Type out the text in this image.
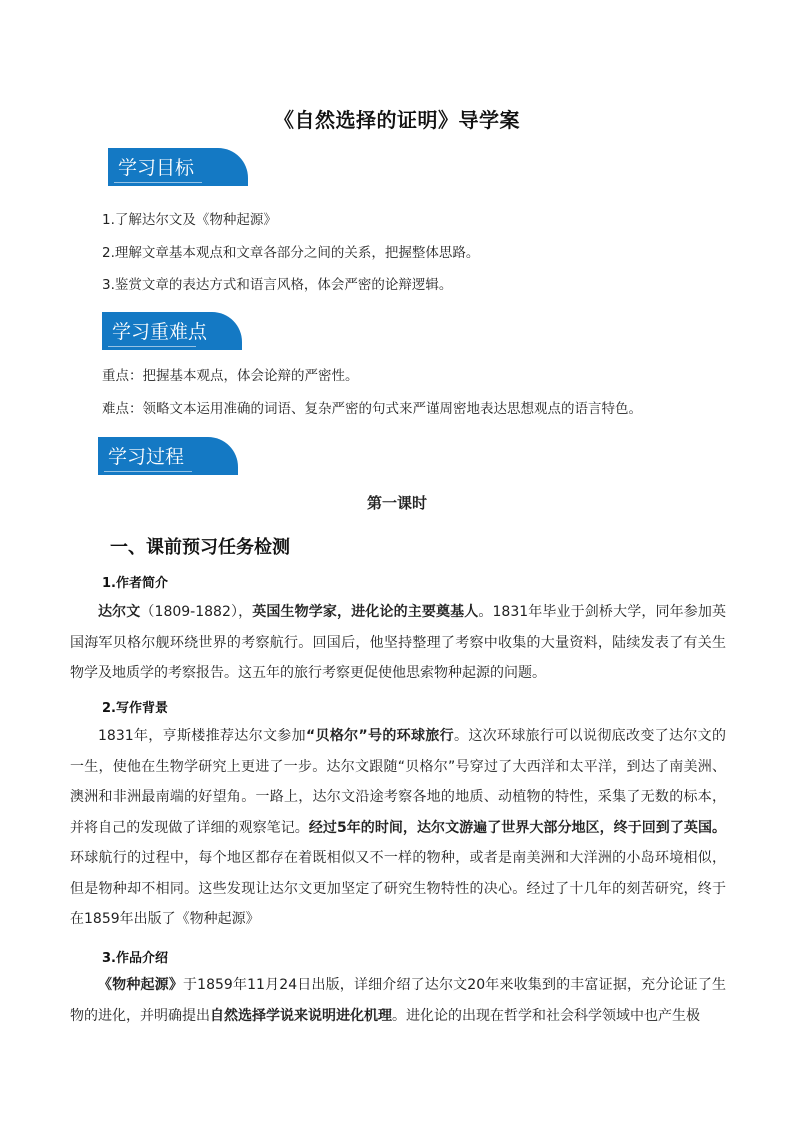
《自然选择的证明》导学案
学习目标
1.了解达尔文及《物种起源》
2.理解文章基本观点和文章各部分之间的关系，把握整体思路。
3.鉴赏文章的表达方式和语言风格，体会严密的论辩逻辑。
学习重难点
重点：把握基本观点，体会论辩的严密性。
难点：领略文本运用准确的词语、复杂严密的句式来严谨周密地表达思想观点的语言特色。
学习过程
第一课时
一、课前预习任务检测
1.作者简介
达尔文（1809-1882），英国生物学家，进化论的主要奠基人。1831年毕业于剑桥大学，同年参加英国海军贝格尔舰环绕世界的考察航行。回国后，他坚持整理了考察中收集的大量资料，陆续发表了有关生物学及地质学的考察报告。这五年的旅行考察更促使他思索物种起源的问题。
2.写作背景
1831年，亨斯楼推荐达尔文参加“贝格尔”号的环球旅行。这次环球旅行可以说彻底改变了达尔文的一生，使他在生物学研究上更进了一步。达尔文跟随“贝格尔”号穿过了大西洋和太平洋，到达了南美洲、澳洲和非洲最南端的好望角。一路上，达尔文沿途考察各地的地质、动植物的特性，采集了无数的标本，并将自己的发现做了详细的观察笔记。经过5年的时间，达尔文游遍了世界大部分地区，终于回到了英国。环球航行的过程中，每个地区都存在着既相似又不一样的物种，或者是南美洲和大洋洲的小岛环境相似，但是物种却不相同。这些发现让达尔文更加坚定了研究生物特性的决心。经过了十几年的刻苦研究，终于在1859年出版了《物种起源》
3.作品介绍
《物种起源》于1859年11月24日出版，详细介绍了达尔文20年来收集到的丰富证据，充分论证了生物的进化，并明确提出自然选择学说来说明进化机理。进化论的出现在哲学和社会科学领域中也产生极
